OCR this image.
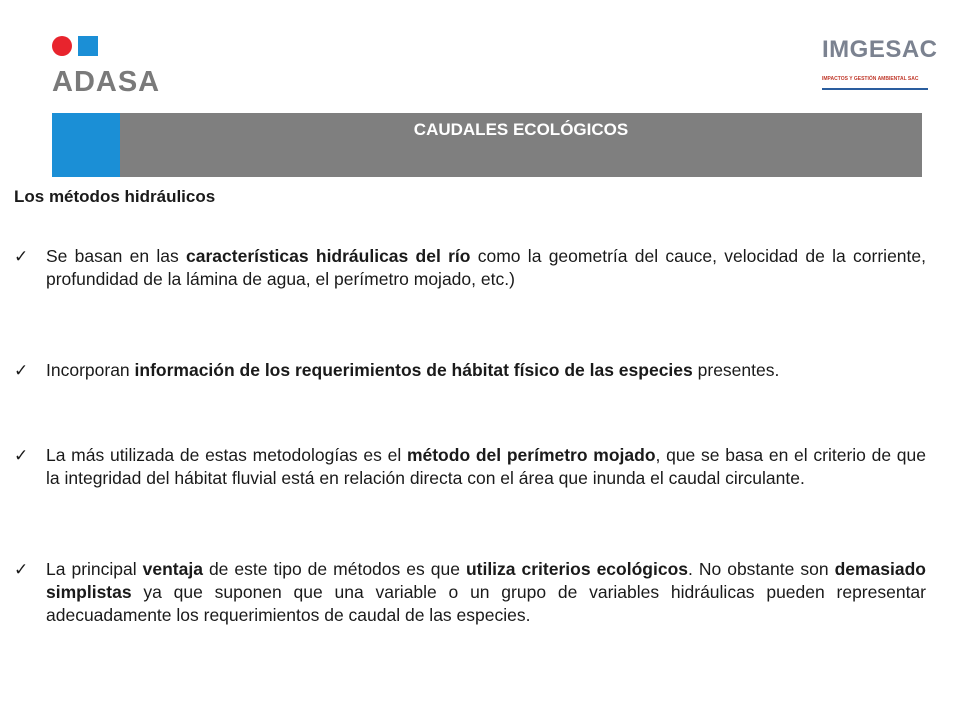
ADASA
IMGESAC
IMPACTOS Y GESTIÓN AMBIENTAL SAC
CAUDALES ECOLÓGICOS
Los métodos hidráulicos
✓	Se basan en las características hidráulicas del río como la geometría del cauce, velocidad de la corriente, profundidad de la lámina de agua, el perímetro mojado, etc.)
✓	Incorporan información de los requerimientos de hábitat físico de las especies presentes.
✓	La más utilizada de estas metodologías es el método del perímetro mojado, que se basa en el criterio de que la integridad del hábitat fluvial está en relación directa con el área que inunda el caudal circulante.
✓	La principal ventaja de este tipo de métodos es que utiliza criterios ecológicos. No obstante son demasiado simplistas ya que suponen que una variable o un grupo de variables hidráulicas pueden representar adecuadamente los requerimientos de caudal de las especies.
